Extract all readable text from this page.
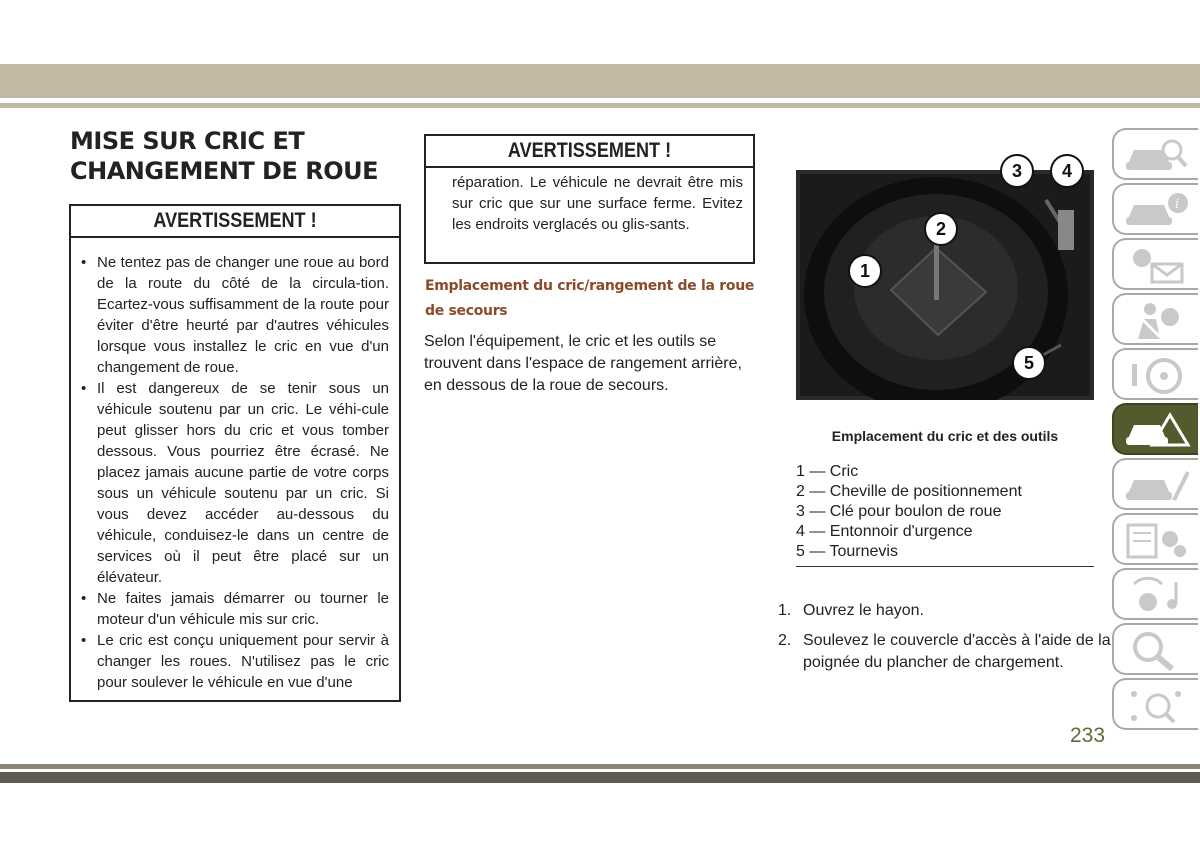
MISE SUR CRIC ET
CHANGEMENT DE ROUE
AVERTISSEMENT !
• Ne tentez pas de changer une roue au bord de la route du côté de la circula-tion. Ecartez-vous suffisamment de la route pour éviter d'être heurté par d'autres véhicules lorsque vous installez le cric en vue d'un changement de roue.
• Il est dangereux de se tenir sous un véhicule soutenu par un cric. Le véhi-cule peut glisser hors du cric et vous tomber dessous. Vous pourriez être écrasé. Ne placez jamais aucune partie de votre corps sous un véhicule soutenu par un cric. Si vous devez accéder au-dessous du véhicule, conduisez-le dans un centre de services où il peut être placé sur un élévateur.
• Ne faites jamais démarrer ou tourner le moteur d'un véhicule mis sur cric.
• Le cric est conçu uniquement pour servir à changer les roues. N'utilisez pas le cric pour soulever le véhicule en vue d'une
AVERTISSEMENT !

réparation. Le véhicule ne devrait être mis sur cric que sur une surface ferme. Evitez les endroits verglacés ou glis-sants.

Emplacement du cric/rangement de la roue de secours

Selon l'équipement, le cric et les outils se trouvent dans l'espace de rangement arrière, en dessous de la roue de secours.

1
2
3	4
5

Emplacement du cric et des outils

1 — Cric
2 — Cheville de positionnement
3 — Clé pour boulon de roue
4 — Entonnoir d'urgence
5 — Tournevis
1. Ouvrez le hayon.
2. Soulevez le couvercle d'accès à l'aide de la poignée du plancher de chargement.
i
233
